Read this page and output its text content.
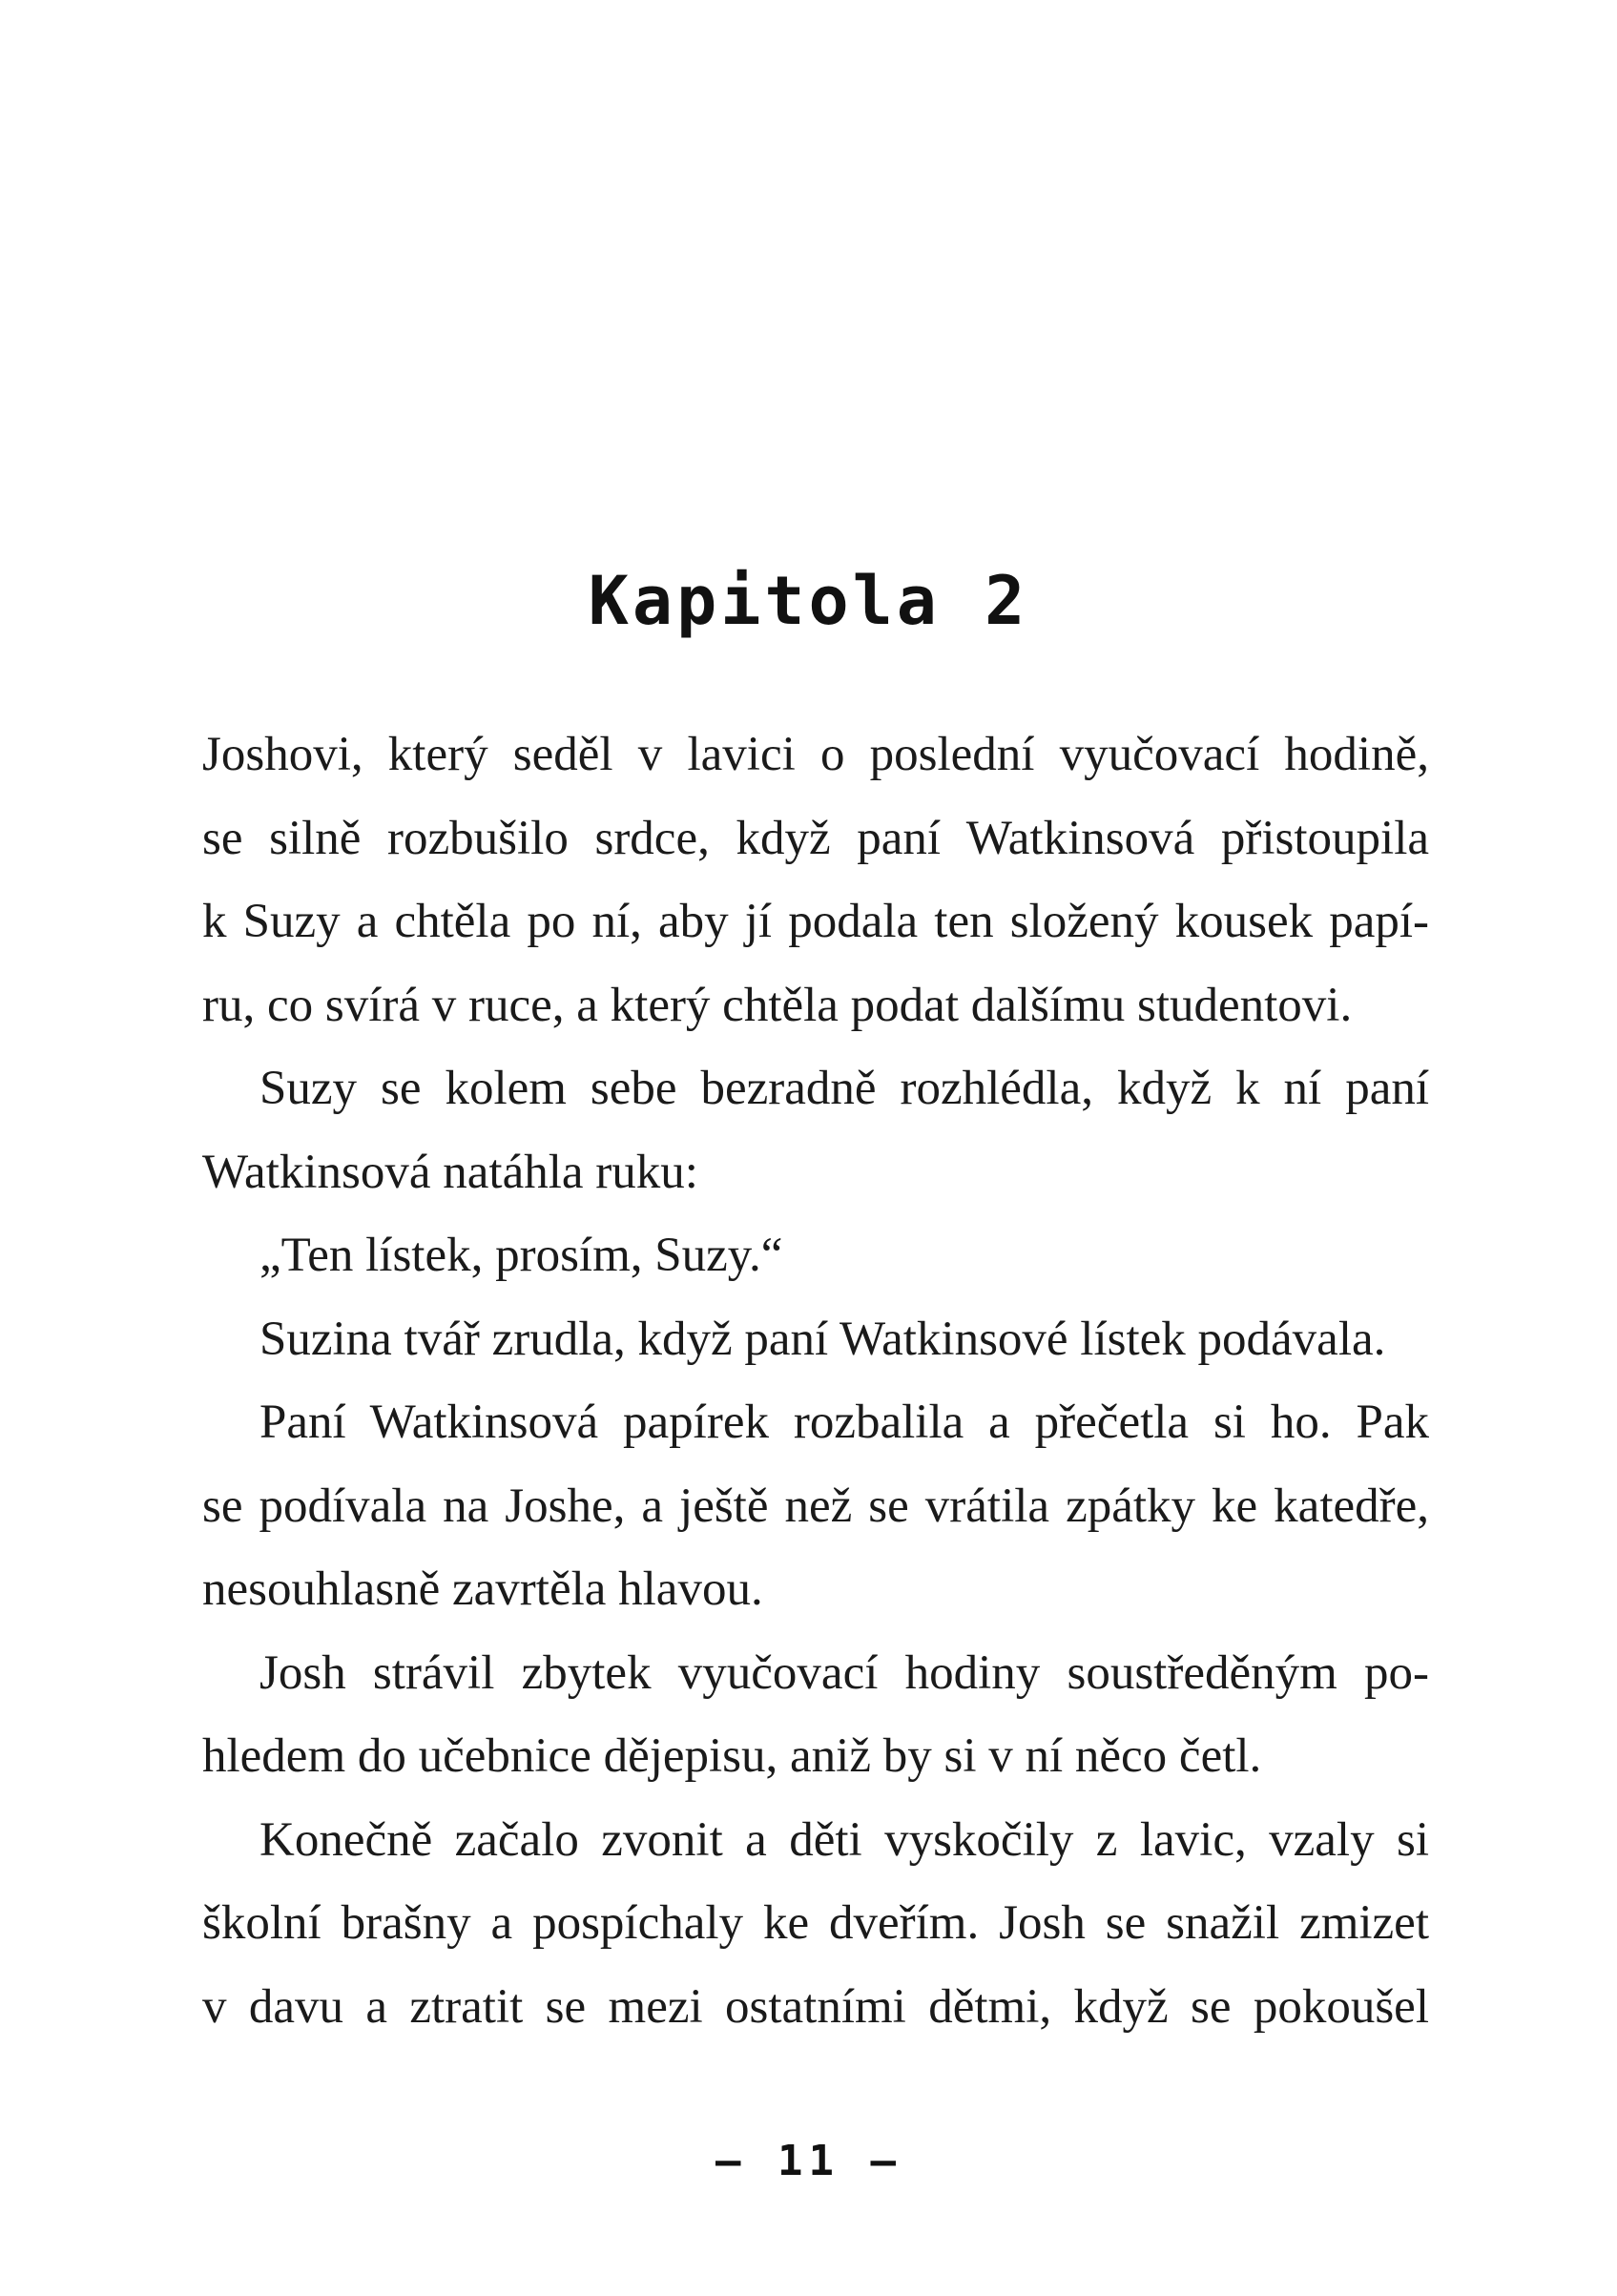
Kapitola 2
Joshovi, který seděl v lavici o poslední vyučovací hodině,
se silně rozbušilo srdce, když paní Watkinsová přistoupila
k Suzy a chtěla po ní, aby jí podala ten složený kousek papí-
ru, co svírá v ruce, a který chtěla podat dalšímu studentovi.
Suzy se kolem sebe bezradně rozhlédla, když k ní paní
Watkinsová natáhla ruku:
„Ten lístek, prosím, Suzy.“
Suzina tvář zrudla, když paní Watkinsové lístek podávala.
Paní Watkinsová papírek rozbalila a přečetla si ho. Pak
se podívala na Joshe, a ještě než se vrátila zpátky ke katedře,
nesouhlasně zavrtěla hlavou.
Josh strávil zbytek vyučovací hodiny soustředěným po-
hledem do učebnice dějepisu, aniž by si v ní něco četl.
Konečně začalo zvonit a děti vyskočily z lavic, vzaly si
školní brašny a pospíchaly ke dveřím. Josh se snažil zmizet
v davu a ztratit se mezi ostatními dětmi, když se pokoušel
– 11 –
